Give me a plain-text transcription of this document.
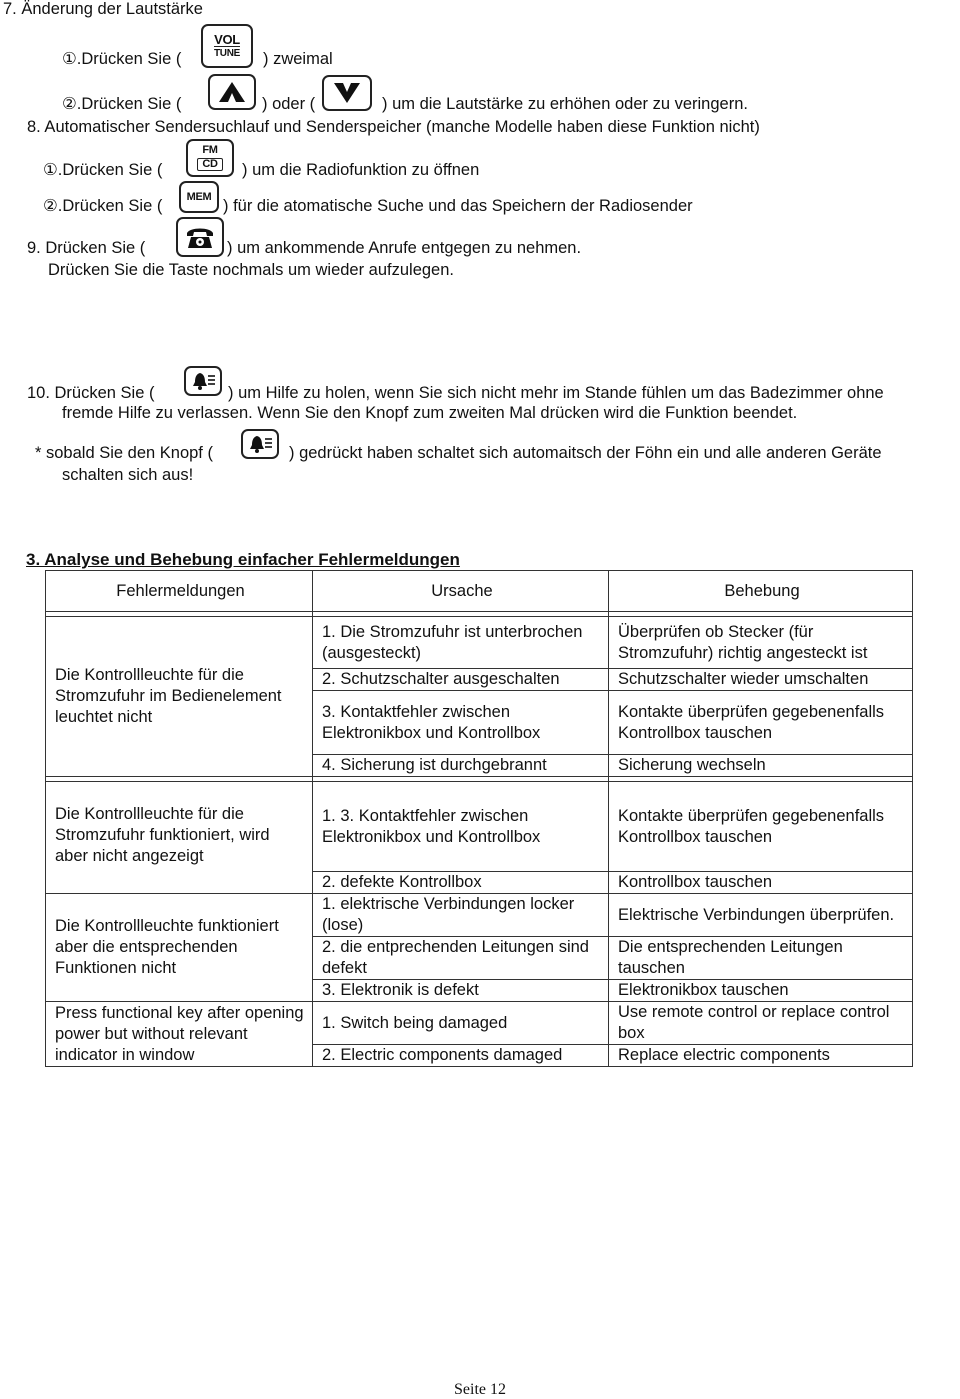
7. Änderung der Lautstärke
①.Drücken Sie (
VOL
TUNE ) zweimal
②.Drücken Sie (	) oder (	) um die Lautstärke zu erhöhen oder zu veringern.
8. Automatischer Sendersuchlauf und Senderspeicher (manche Modelle haben diese Funktion nicht)
①.Drücken Sie (
FM
CD	) um die Radiofunktion zu öffnen
②.Drücken Sie (
MEM
) für die atomatische Suche und das Speichern der Radiosender
9. Drücken Sie (	) um ankommende Anrufe entgegen zu nehmen.
Drücken Sie die Taste nochmals um wieder aufzulegen.
10. Drücken Sie (	) um Hilfe zu holen, wenn Sie sich nicht mehr im Stande fühlen um das Badezimmer ohne
fremde Hilfe zu verlassen. Wenn Sie den Knopf zum zweiten Mal drücken wird die Funktion beendet.
* sobald Sie den Knopf (	) gedrückt haben schaltet sich automaitsch der Föhn ein und alle anderen Geräte
schalten sich aus!
3. Analyse und Behebung einfacher Fehlermeldungen
Fehlermeldungen	Ursache	Behebung

Die Kontrollleuchte für die Stromzufuhr im Bedienelement leuchtet nicht	1. Die Stromzufuhr ist unterbrochen (ausgesteckt)	Überprüfen ob Stecker (für Stromzufuhr) richtig angesteckt ist
	2. Schutzschalter ausgeschalten	Schutzschalter wieder umschalten
	3. Kontaktfehler zwischen Elektronikbox und Kontrollbox	Kontakte überprüfen gegebenenfalls Kontrollbox tauschen
	4. Sicherung ist durchgebrannt	Sicherung wechseln

Die Kontrollleuchte für die Stromzufuhr funktioniert, wird aber nicht angezeigt	1. 3. Kontaktfehler zwischen Elektronikbox und Kontrollbox	Kontakte überprüfen gegebenenfalls Kontrollbox tauschen
	2. defekte Kontrollbox	Kontrollbox tauschen
Die Kontrollleuchte funktioniert aber die entsprechenden Funktionen nicht	1. elektrische Verbindungen locker (lose)	Elektrische Verbindungen überprüfen.
	2. die entprechenden Leitungen sind defekt	Die entsprechenden Leitungen tauschen
	3. Elektronik is defekt	Elektronikbox tauschen
Press functional key after opening power but without relevant indicator in window	1. Switch being damaged	Use remote control or replace control box
	2. Electric components damaged	Replace electric components
Seite 12
